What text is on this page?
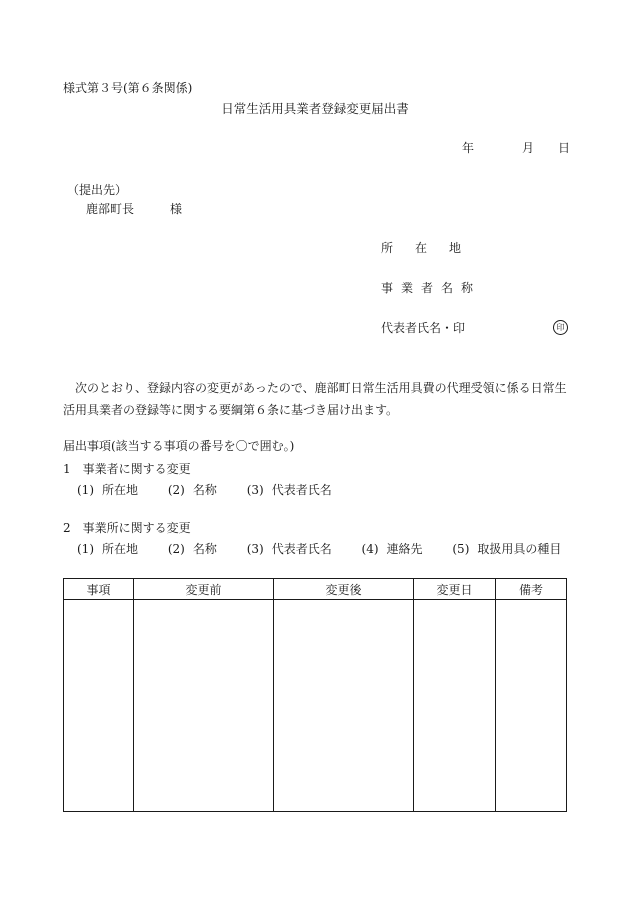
様式第３号(第６条関係)
日常生活用具業者登録変更届出書
年	月 日
（提出先）
鹿部町長	様
所在地
事業者名称
代表者氏名・印	印
次のとおり、登録内容の変更があったので、鹿部町日常生活用具費の代理受領に係る日常生活用具業者の登録等に関する要綱第６条に基づき届け出ます。
届出事項(該当する事項の番号を〇で囲む。)
1　事業者に関する変更
(1) 所在地 (2) 名称 (3) 代表者氏名
2　事業所に関する変更
(1) 所在地 (2) 名称 (3) 代表者氏名 (4) 連絡先 (5) 取扱用具の種目
事項	変更前	変更後	変更日	備考
